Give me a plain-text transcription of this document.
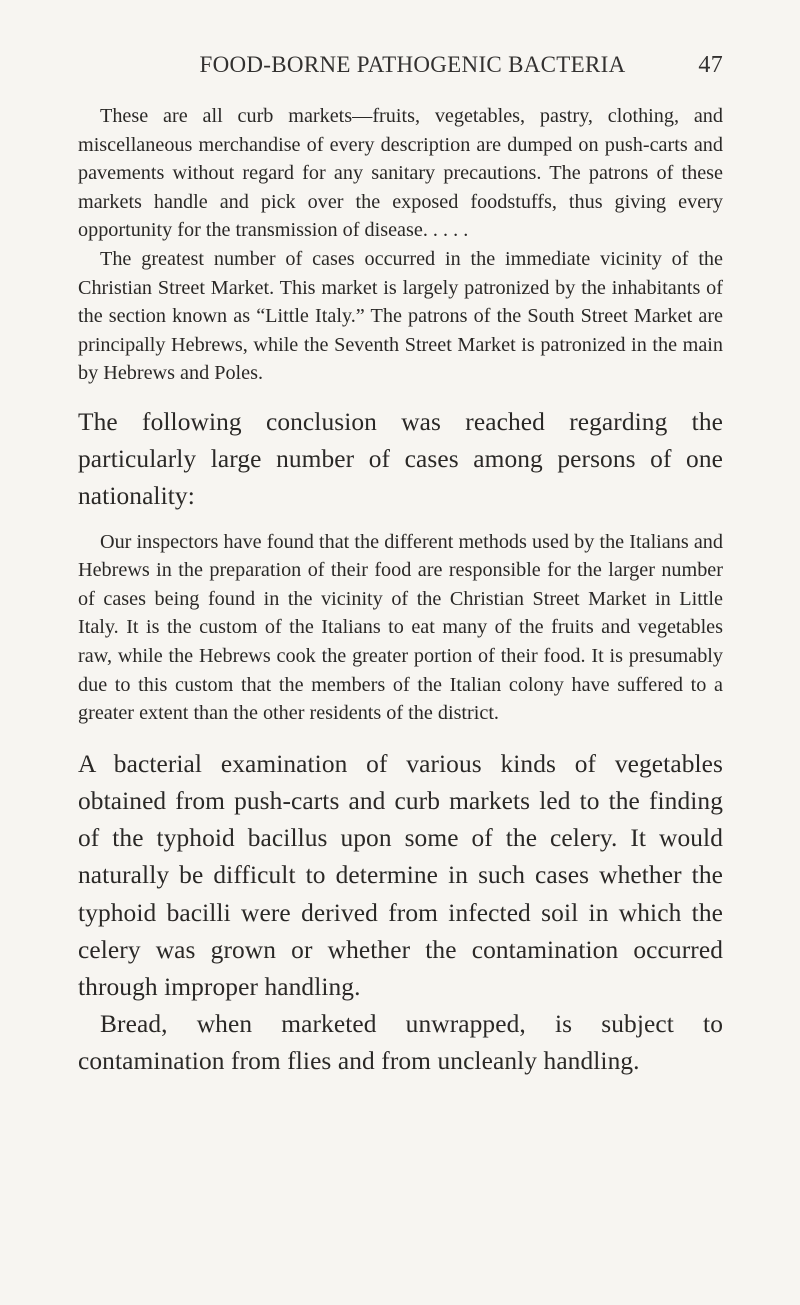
FOOD-BORNE PATHOGENIC BACTERIA	47

These are all curb markets—fruits, vegetables, pastry, clothing, and miscellaneous merchandise of every description are dumped on push-carts and pavements without regard for any sanitary precautions. The patrons of these markets handle and pick over the exposed foodstuffs, thus giving every opportunity for the transmission of disease. . . . .

The greatest number of cases occurred in the immediate vicinity of the Christian Street Market. This market is largely patronized by the inhabitants of the section known as “Little Italy.” The patrons of the South Street Market are principally Hebrews, while the Seventh Street Market is patronized in the main by Hebrews and Poles.

The following conclusion was reached regarding the particularly large number of cases among persons of one nationality:

Our inspectors have found that the different methods used by the Italians and Hebrews in the preparation of their food are responsible for the larger number of cases being found in the vicinity of the Christian Street Market in Little Italy. It is the custom of the Italians to eat many of the fruits and vegetables raw, while the Hebrews cook the greater portion of their food. It is presumably due to this custom that the members of the Italian colony have suffered to a greater extent than the other residents of the district.

A bacterial examination of various kinds of vegetables obtained from push-carts and curb markets led to the finding of the typhoid bacillus upon some of the celery. It would naturally be difficult to determine in such cases whether the typhoid bacilli were derived from infected soil in which the celery was grown or whether the contamination occurred through improper handling.

Bread, when marketed unwrapped, is subject to contamination from flies and from uncleanly handling.
